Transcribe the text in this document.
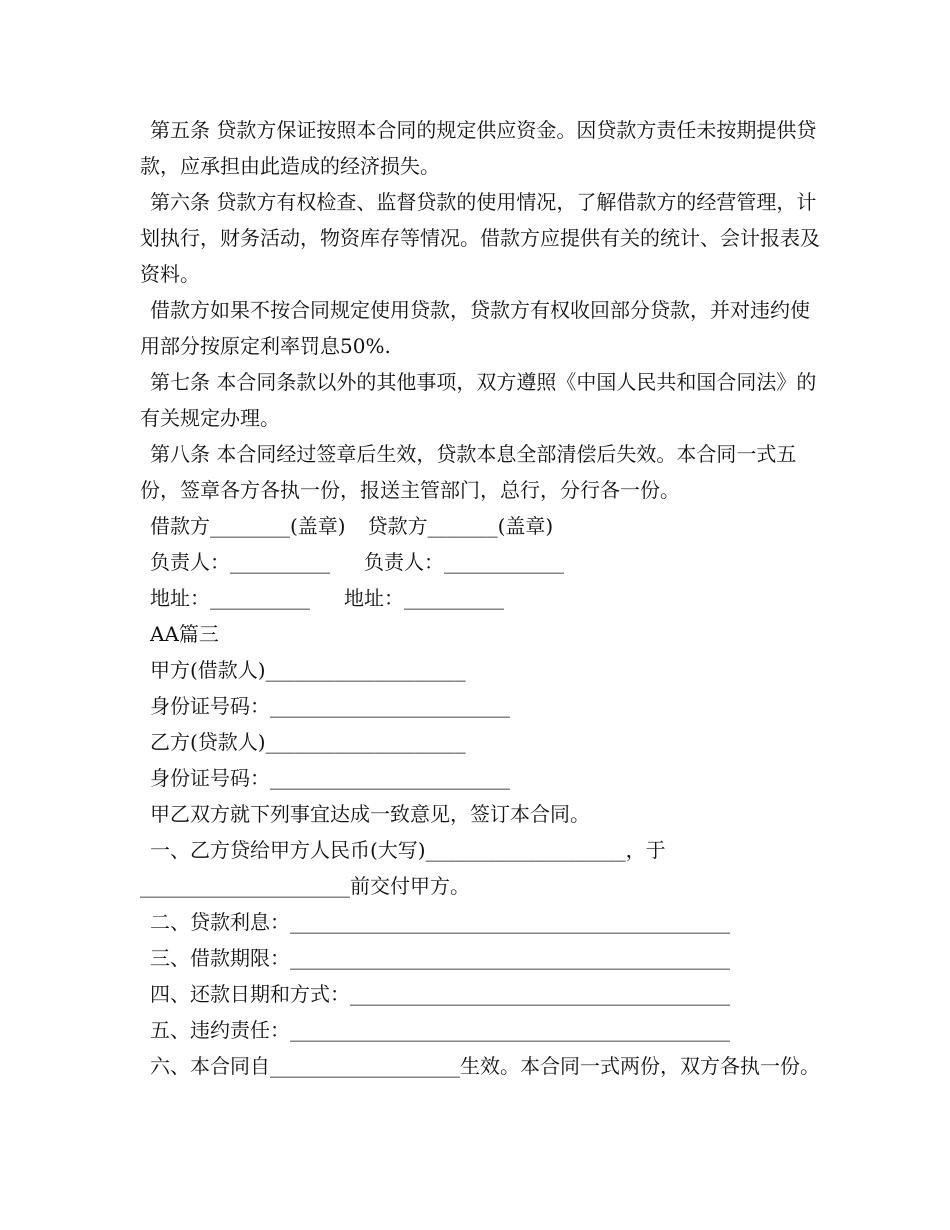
第五条 贷款方保证按照本合同的规定供应资金。因贷款方责任未按期提供贷款，应承担由此造成的经济损失。

第六条 贷款方有权检查、监督贷款的使用情况，了解借款方的经营管理，计划执行，财务活动，物资库存等情况。借款方应提供有关的统计、会计报表及资料。

借款方如果不按合同规定使用贷款，贷款方有权收回部分贷款，并对违约使用部分按原定利率罚息50%.

第七条 本合同条款以外的其他事项，双方遵照《中国人民共和国合同法》的有关规定办理。

第八条 本合同经过签章后生效，贷款本息全部清偿后失效。本合同一式五份，签章各方各执一份，报送主管部门，总行，分行各一份。

借款方________(盖章) 贷款方_______(盖章)

负责人：__________ 负责人：____________

地址：__________ 地址：__________

AA篇三

甲方(借款人)____________________

身份证号码：________________________

乙方(贷款人)____________________

身份证号码：________________________

甲乙双方就下列事宜达成一致意见，签订本合同。

一、乙方贷给甲方人民币(大写)____________________，于_____________________前交付甲方。

二、贷款利息：____________________________________________

三、借款期限：____________________________________________

四、还款日期和方式：______________________________________

五、违约责任：____________________________________________

六、本合同自___________________生效。本合同一式两份，双方各执一份。
